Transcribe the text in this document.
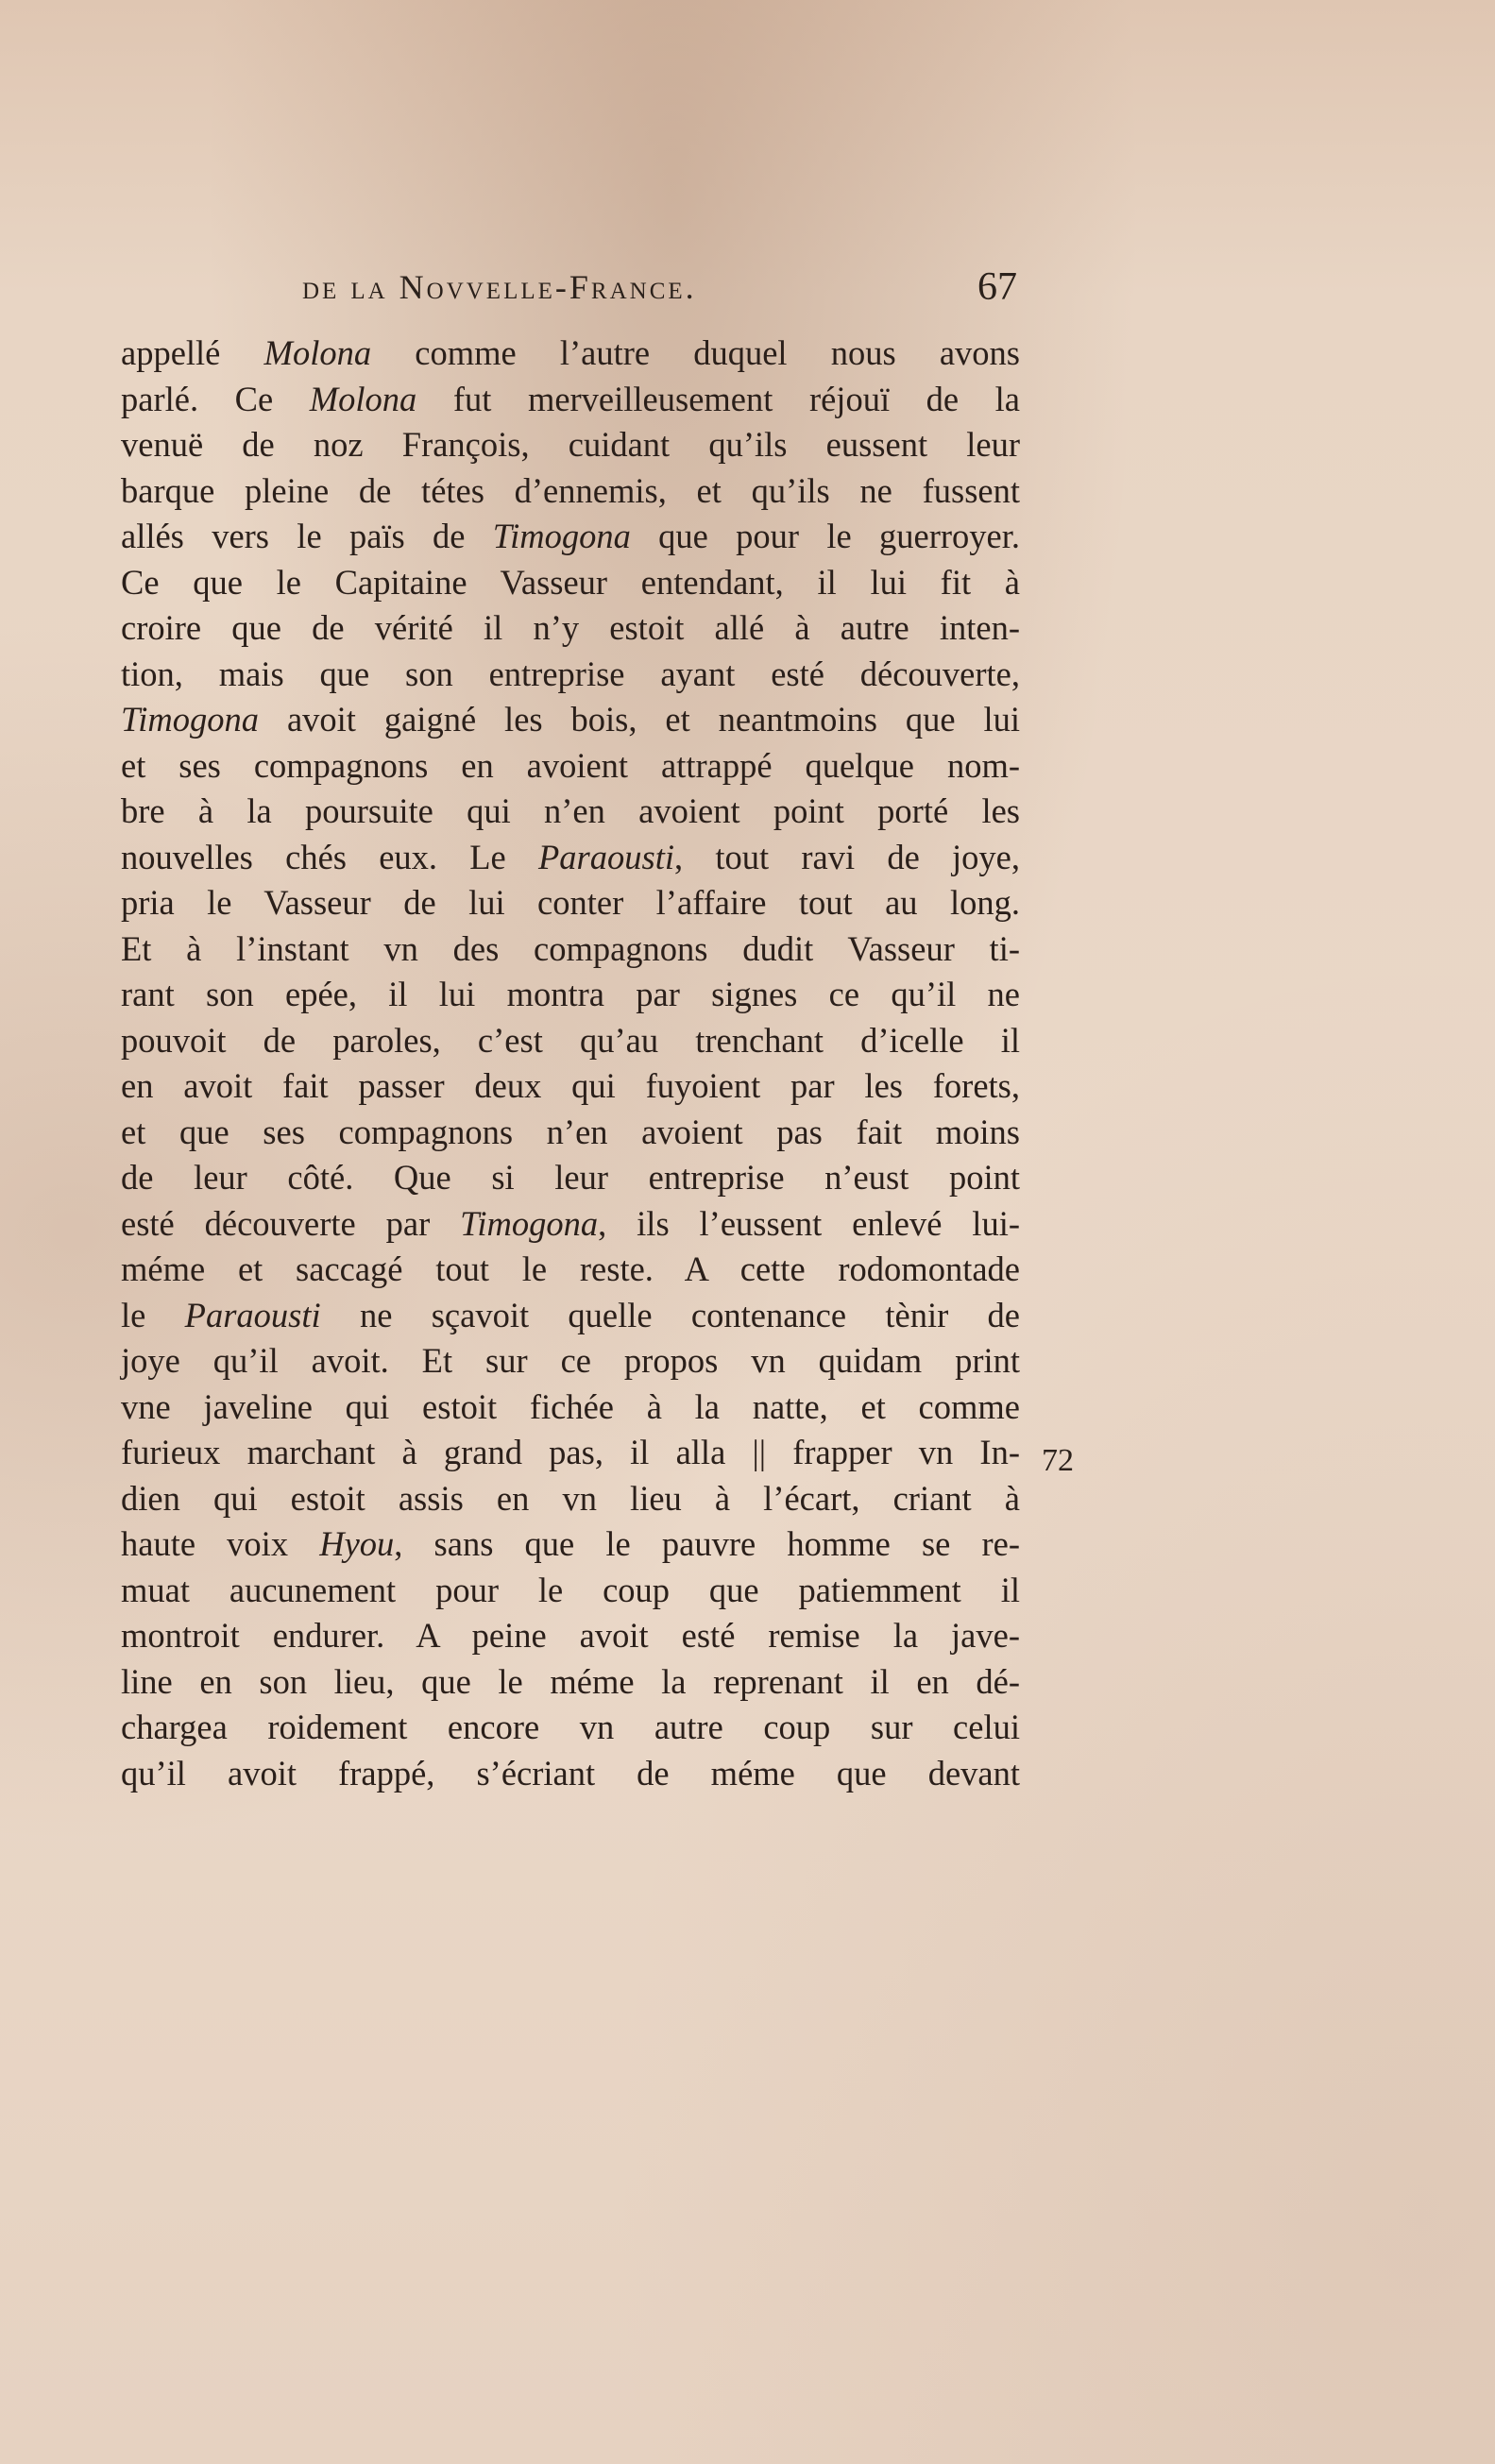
de la Novvelle-France.	67
appellé Molona comme l’autre duquel nous avons
parlé. Ce Molona fut merveilleusement réjouï de la
venuë de noz François, cuidant qu’ils eussent leur
barque pleine de tétes d’ennemis, et qu’ils ne fussent
allés vers le païs de Timogona que pour le guerroyer.
Ce que le Capitaine Vasseur entendant, il lui fit à
croire que de vérité il n’y estoit allé à autre inten-
tion, mais que son entreprise ayant esté découverte,
Timogona avoit gaigné les bois, et neantmoins que lui
et ses compagnons en avoient attrappé quelque nom-
bre à la poursuite qui n’en avoient point porté les
nouvelles chés eux. Le Paraousti, tout ravi de joye,
pria le Vasseur de lui conter l’affaire tout au long.
Et à l’instant vn des compagnons dudit Vasseur ti-
rant son epée, il lui montra par signes ce qu’il ne
pouvoit de paroles, c’est qu’au trenchant d’icelle il
en avoit fait passer deux qui fuyoient par les forets,
et que ses compagnons n’en avoient pas fait moins
de leur côté. Que si leur entreprise n’eust point
esté découverte par Timogona, ils l’eussent enlevé lui-
méme et saccagé tout le reste. A cette rodomontade
le Paraousti ne sçavoit quelle contenance tènir de
joye qu’il avoit. Et sur ce propos vn quidam print
vne javeline qui estoit fichée à la natte, et comme
furieux marchant à grand pas, il alla || frapper vn In-
dien qui estoit assis en vn lieu à l’écart, criant à
haute voix Hyou, sans que le pauvre homme se re-
muat aucunement pour le coup que patiemment il
montroit endurer. A peine avoit esté remise la jave-
line en son lieu, que le méme la reprenant il en dé-
chargea roidement encore vn autre coup sur celui
qu’il avoit frappé, s’écriant de méme que devant
72
